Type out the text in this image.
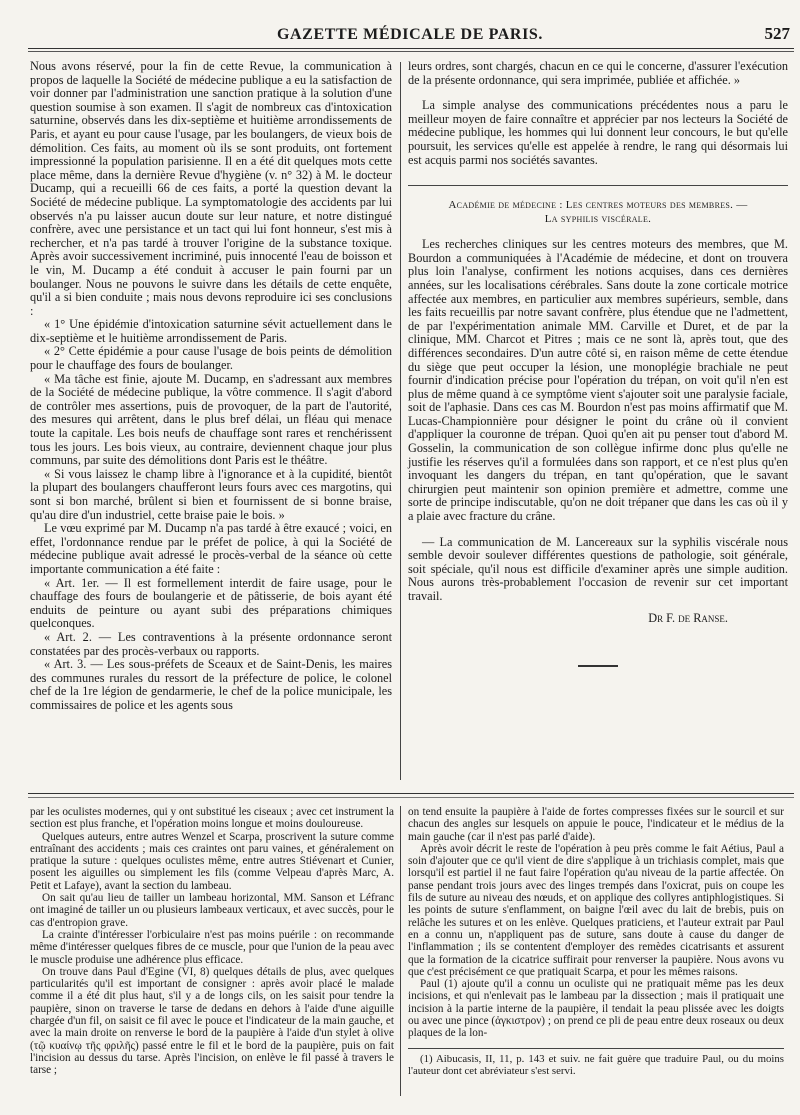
GAZETTE MÉDICALE DE PARIS.	527

Nous avons réservé, pour la fin de cette Revue, la communication à propos de laquelle la Société de médecine publique a eu la satisfaction de voir donner par l'administration une sanction pratique à la solution d'une question soumise à son examen. Il s'agit de nombreux cas d'intoxication saturnine, observés dans les dix-septième et huitième arrondissements de Paris, et ayant eu pour cause l'usage, par les boulangers, de vieux bois de démolition. Ces faits, au moment où ils se sont produits, ont fortement impressionné la population parisienne. Il en a été dit quelques mots cette place même, dans la dernière Revue d'hygiène (v. n° 32) à M. le docteur Ducamp, qui a recueilli 66 de ces faits, a porté la question devant la Société de médecine publique. La symptomatologie des accidents par lui observés n'a pu laisser aucun doute sur leur nature, et notre distingué confrère, avec une persistance et un tact qui lui font honneur, s'est mis à rechercher, et n'a pas tardé à trouver l'origine de la substance toxique. Après avoir successivement incriminé, puis innocenté l'eau de boisson et le vin, M. Ducamp a été conduit à accuser le pain fourni par un boulanger. Nous ne pouvons le suivre dans les détails de cette enquête, qu'il a si bien conduite ; mais nous devons reproduire ici ses conclusions :

« 1° Une épidémie d'intoxication saturnine sévit actuellement dans le dix-septième et le huitième arrondissement de Paris.

« 2° Cette épidémie a pour cause l'usage de bois peints de démolition pour le chauffage des fours de boulanger.

« Ma tâche est finie, ajoute M. Ducamp, en s'adressant aux membres de la Société de médecine publique, la vôtre commence. Il s'agit d'abord de contrôler mes assertions, puis de provoquer, de la part de l'autorité, des mesures qui arrêtent, dans le plus bref délai, un fléau qui menace toute la capitale. Les bois neufs de chauffage sont rares et renchérissent tous les jours. Les bois vieux, au contraire, deviennent chaque jour plus communs, par suite des démolitions dont Paris est le théâtre.

« Si vous laissez le champ libre à l'ignorance et à la cupidité, bientôt la plupart des boulangers chaufferont leurs fours avec ces margotins, qui sont si bon marché, brûlent si bien et fournissent de si bonne braise, qu'au dire d'un industriel, cette braise paie le bois. »

Le vœu exprimé par M. Ducamp n'a pas tardé à être exaucé ; voici, en effet, l'ordonnance rendue par le préfet de police, à qui la Société de médecine publique avait adressé le procès-verbal de la séance où cette importante communication a été faite :

« Art. 1er. — Il est formellement interdit de faire usage, pour le chauffage des fours de boulangerie et de pâtisserie, de bois ayant été enduits de peinture ou ayant subi des préparations chimiques quelconques.

« Art. 2. — Les contraventions à la présente ordonnance seront constatées par des procès-verbaux ou rapports.

« Art. 3. — Les sous-préfets de Sceaux et de Saint-Denis, les maires des communes rurales du ressort de la préfecture de police, le colonel chef de la 1re légion de gendarmerie, le chef de la police municipale, les commissaires de police et les agents sous

leurs ordres, sont chargés, chacun en ce qui le concerne, d'assurer l'exécution de la présente ordonnance, qui sera imprimée, publiée et affichée. »

La simple analyse des communications précédentes nous a paru le meilleur moyen de faire connaître et apprécier par nos lecteurs la Société de médecine publique, les hommes qui lui donnent leur concours, le but qu'elle poursuit, les services qu'elle est appelée à rendre, le rang qui désormais lui est acquis parmi nos sociétés savantes.

Académie de médecine : Les centres moteurs des membres. —
La syphilis viscérale.

Les recherches cliniques sur les centres moteurs des membres, que M. Bourdon a communiquées à l'Académie de médecine, et dont on trouvera plus loin l'analyse, confirment les notions acquises, dans ces dernières années, sur les localisations cérébrales. Sans doute la zone corticale motrice affectée aux membres, en particulier aux membres supérieurs, semble, dans les faits recueillis par notre savant confrère, plus étendue que ne l'admettent, de par l'expérimentation animale MM. Carville et Duret, et de par la clinique, MM. Charcot et Pitres ; mais ce ne sont là, après tout, que des différences secondaires. D'un autre côté si, en raison même de cette étendue du siège que peut occuper la lésion, une monoplégie brachiale ne peut fournir d'indication précise pour l'opération du trépan, on voit qu'il n'en est plus de même quand à ce symptôme vient s'ajouter soit une paralysie faciale, soit de l'aphasie. Dans ces cas M. Bourdon n'est pas moins affirmatif que M. Lucas-Championnière pour désigner le point du crâne où il convient d'appliquer la couronne de trépan. Quoi qu'en ait pu penser tout d'abord M. Gosselin, la communication de son collègue infirme donc plus qu'elle ne justifie les réserves qu'il a formulées dans son rapport, et ce n'est plus qu'en invoquant les dangers du trépan, en tant qu'opération, que le savant chirurgien peut maintenir son opinion première et admettre, comme une sorte de principe indiscutable, qu'on ne doit trépaner que dans les cas où il y a plaie avec fracture du crâne.

— La communication de M. Lancereaux sur la syphilis viscérale nous semble devoir soulever différentes questions de pathologie, soit générale, soit spéciale, qu'il nous est difficile d'examiner après une simple audition. Nous aurons très-probablement l'occasion de revenir sur cet important travail.

Dr F. de Ranse.

par les oculistes modernes, qui y ont substitué les ciseaux ; avec cet instrument la section est plus franche, et l'opération moins longue et moins douloureuse.

Quelques auteurs, entre autres Wenzel et Scarpa, proscrivent la suture comme entraînant des accidents ; mais ces craintes ont paru vaines, et généralement on pratique la suture : quelques oculistes même, entre autres Stiévenart et Cunier, posent les aiguilles ou simplement les fils (comme Velpeau d'après Marc, A. Petit et Lafaye), avant la section du lambeau.

On sait qu'au lieu de tailler un lambeau horizontal, MM. Sanson et Léfranc ont imaginé de tailler un ou plusieurs lambeaux verticaux, et avec succès, pour le cas d'entropion grave.

La crainte d'intéresser l'orbiculaire n'est pas moins puérile : on recommande même d'intéresser quelques fibres de ce muscle, pour que l'union de la peau avec le muscle produise une adhérence plus efficace.

On trouve dans Paul d'Egine (VI, 8) quelques détails de plus, avec quelques particularités qu'il est important de consigner : après avoir placé le malade comme il a été dit plus haut, s'il y a de longs cils, on les saisit pour tendre la paupière, sinon on traverse le tarse de dedans en dehors à l'aide d'une aiguille chargée d'un fil, on saisit ce fil avec le pouce et l'indicateur de la main gauche, et avec la main droite on renverse le bord de la paupière à l'aide d'un stylet à olive (τῷ κυαίνῳ τῆς φριλῆς) passé entre le fil et le bord de la paupière, puis on fait l'incision au dessus du tarse. Après l'incision, on enlève le fil passé à travers le tarse ;

on tend ensuite la paupière à l'aide de fortes compresses fixées sur le sourcil et sur chacun des angles sur lesquels on appuie le pouce, l'indicateur et le médius de la main gauche (car il n'est pas parlé d'aide).

Après avoir décrit le reste de l'opération à peu près comme le fait Aétius, Paul a soin d'ajouter que ce qu'il vient de dire s'applique à un trichiasis complet, mais que lorsqu'il est partiel il ne faut faire l'opération qu'au niveau de la partie affectée. On panse pendant trois jours avec des linges trempés dans l'oxicrat, puis on coupe les fils de suture au niveau des nœuds, et on applique des collyres antiphlogistiques. Si les points de suture s'enflamment, on baigne l'œil avec du lait de brebis, puis on relâche les sutures et on les enlève. Quelques praticiens, et l'auteur extrait par Paul en a connu un, n'appliquent pas de suture, sans doute à cause du danger de l'inflammation ; ils se contentent d'employer des remèdes cicatrisants et assurent que la formation de la cicatrice suffirait pour renverser la paupière. Nous avons vu que c'est précisément ce que pratiquait Scarpa, et pour les mêmes raisons.

Paul (1) ajoute qu'il a connu un oculiste qui ne pratiquait même pas les deux incisions, et qui n'enlevait pas le lambeau par la dissection ; mais il pratiquait une incision à la partie interne de la paupière, il tendait la peau plissée avec les doigts ou avec une pince (ἀγκιστρον) ; on prend ce pli de peau entre deux roseaux ou deux plaques de la lon-

(1) Aibucasis, II, 11, p. 143 et suiv. ne fait guère que traduire Paul, ou du moins l'auteur dont cet abréviateur s'est servi.
